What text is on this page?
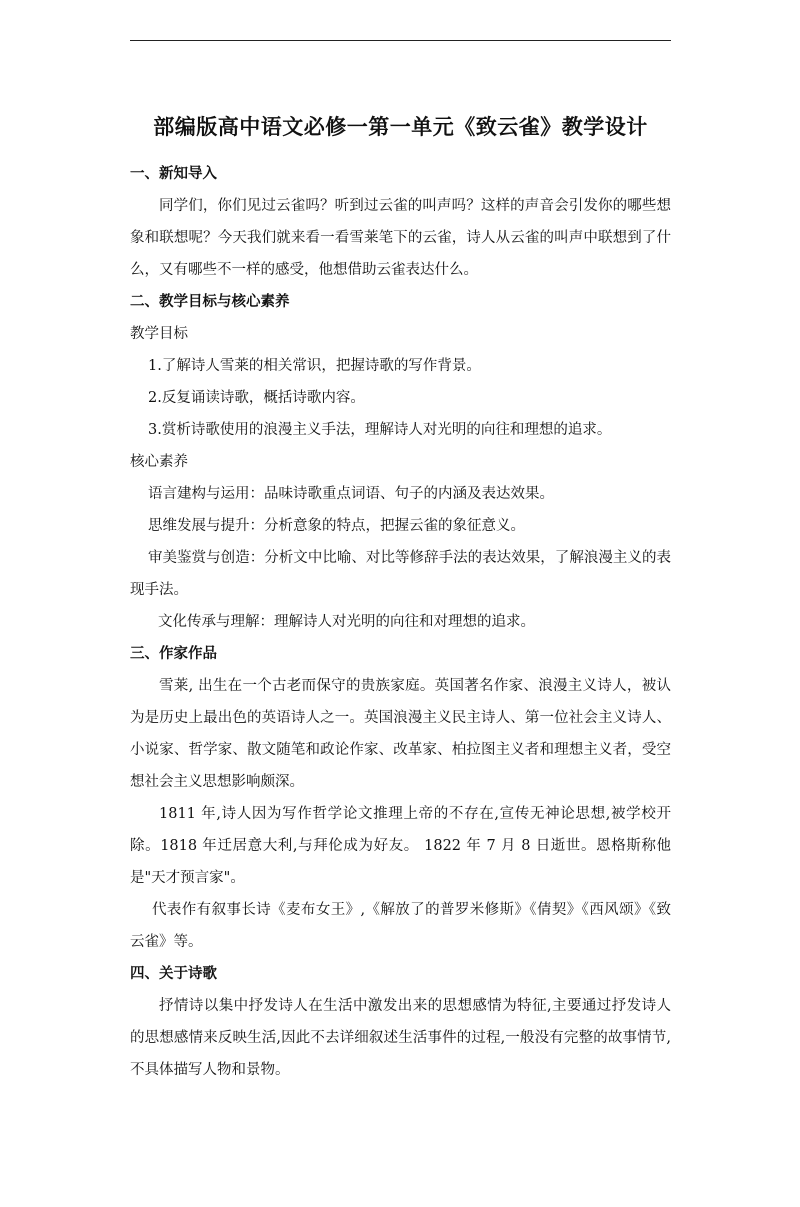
部编版高中语文必修一第一单元《致云雀》教学设计

一、新知导入

同学们，你们见过云雀吗？听到过云雀的叫声吗？这样的声音会引发你的哪些想象和联想呢？今天我们就来看一看雪莱笔下的云雀，诗人从云雀的叫声中联想到了什么，又有哪些不一样的感受，他想借助云雀表达什么。

二、教学目标与核心素养

教学目标

1.了解诗人雪莱的相关常识，把握诗歌的写作背景。

2.反复诵读诗歌，概括诗歌内容。

3.赏析诗歌使用的浪漫主义手法，理解诗人对光明的向往和理想的追求。

核心素养

语言建构与运用：品味诗歌重点词语、句子的内涵及表达效果。

思维发展与提升：分析意象的特点，把握云雀的象征意义。

审美鉴赏与创造：分析文中比喻、对比等修辞手法的表达效果，了解浪漫主义的表现手法。

文化传承与理解：理解诗人对光明的向往和对理想的追求。

三、作家作品

雪莱, 出生在一个古老而保守的贵族家庭。英国著名作家、浪漫主义诗人，被认为是历史上最出色的英语诗人之一。英国浪漫主义民主诗人、第一位社会主义诗人、小说家、哲学家、散文随笔和政论作家、改革家、柏拉图主义者和理想主义者，受空想社会主义思想影响颇深。

1811 年,诗人因为写作哲学论文推理上帝的不存在,宣传无神论思想,被学校开除。1818 年迁居意大利,与拜伦成为好友。 1822 年 7 月 8 日逝世。恩格斯称他是"天才预言家"。

代表作有叙事长诗《麦布女王》,《解放了的普罗米修斯》《倩契》《西风颂》《致云雀》等。

四、关于诗歌

抒情诗以集中抒发诗人在生活中激发出来的思想感情为特征,主要通过抒发诗人的思想感情来反映生活,因此不去详细叙述生活事件的过程,一般没有完整的故事情节,不具体描写人物和景物。
